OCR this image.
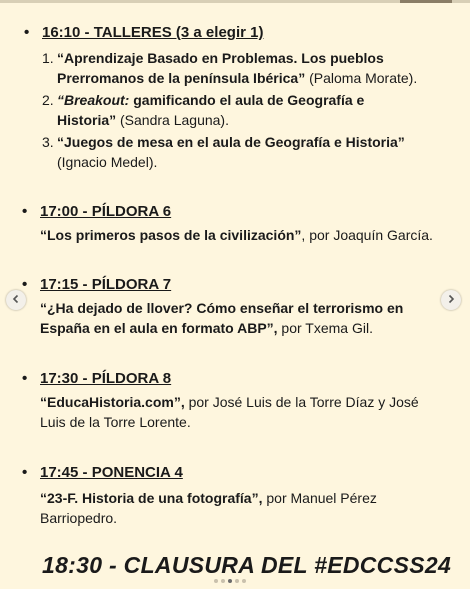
• 16:10 - TALLERES (3 a elegir 1)
1. “Aprendizaje Basado en Problemas. Los pueblos
Prerromanos de la península Ibérica” (Paloma Morate).
2. “Breakout: gamificando el aula de Geografía e
Historia” (Sandra Laguna).
3. “Juegos de mesa en el aula de Geografía e Historia”
(Ignacio Medel).
• 17:00 - PÍLDORA 6
“Los primeros pasos de la civilización”, por Joaquín García.
• 17:15 - PÍLDORA 7
“¿Ha dejado de llover? Cómo enseñar el terrorismo en
España en el aula en formato ABP”, por Txema Gil.
• 17:30 - PÍLDORA 8
“EducaHistoria.com”, por José Luis de la Torre Díaz y José
Luis de la Torre Lorente.
• 17:45 - PONENCIA 4
“23-F. Historia de una fotografía”, por Manuel Pérez
Barriopedro.
18:30 - CLAUSURA DEL #EDCCSS24
